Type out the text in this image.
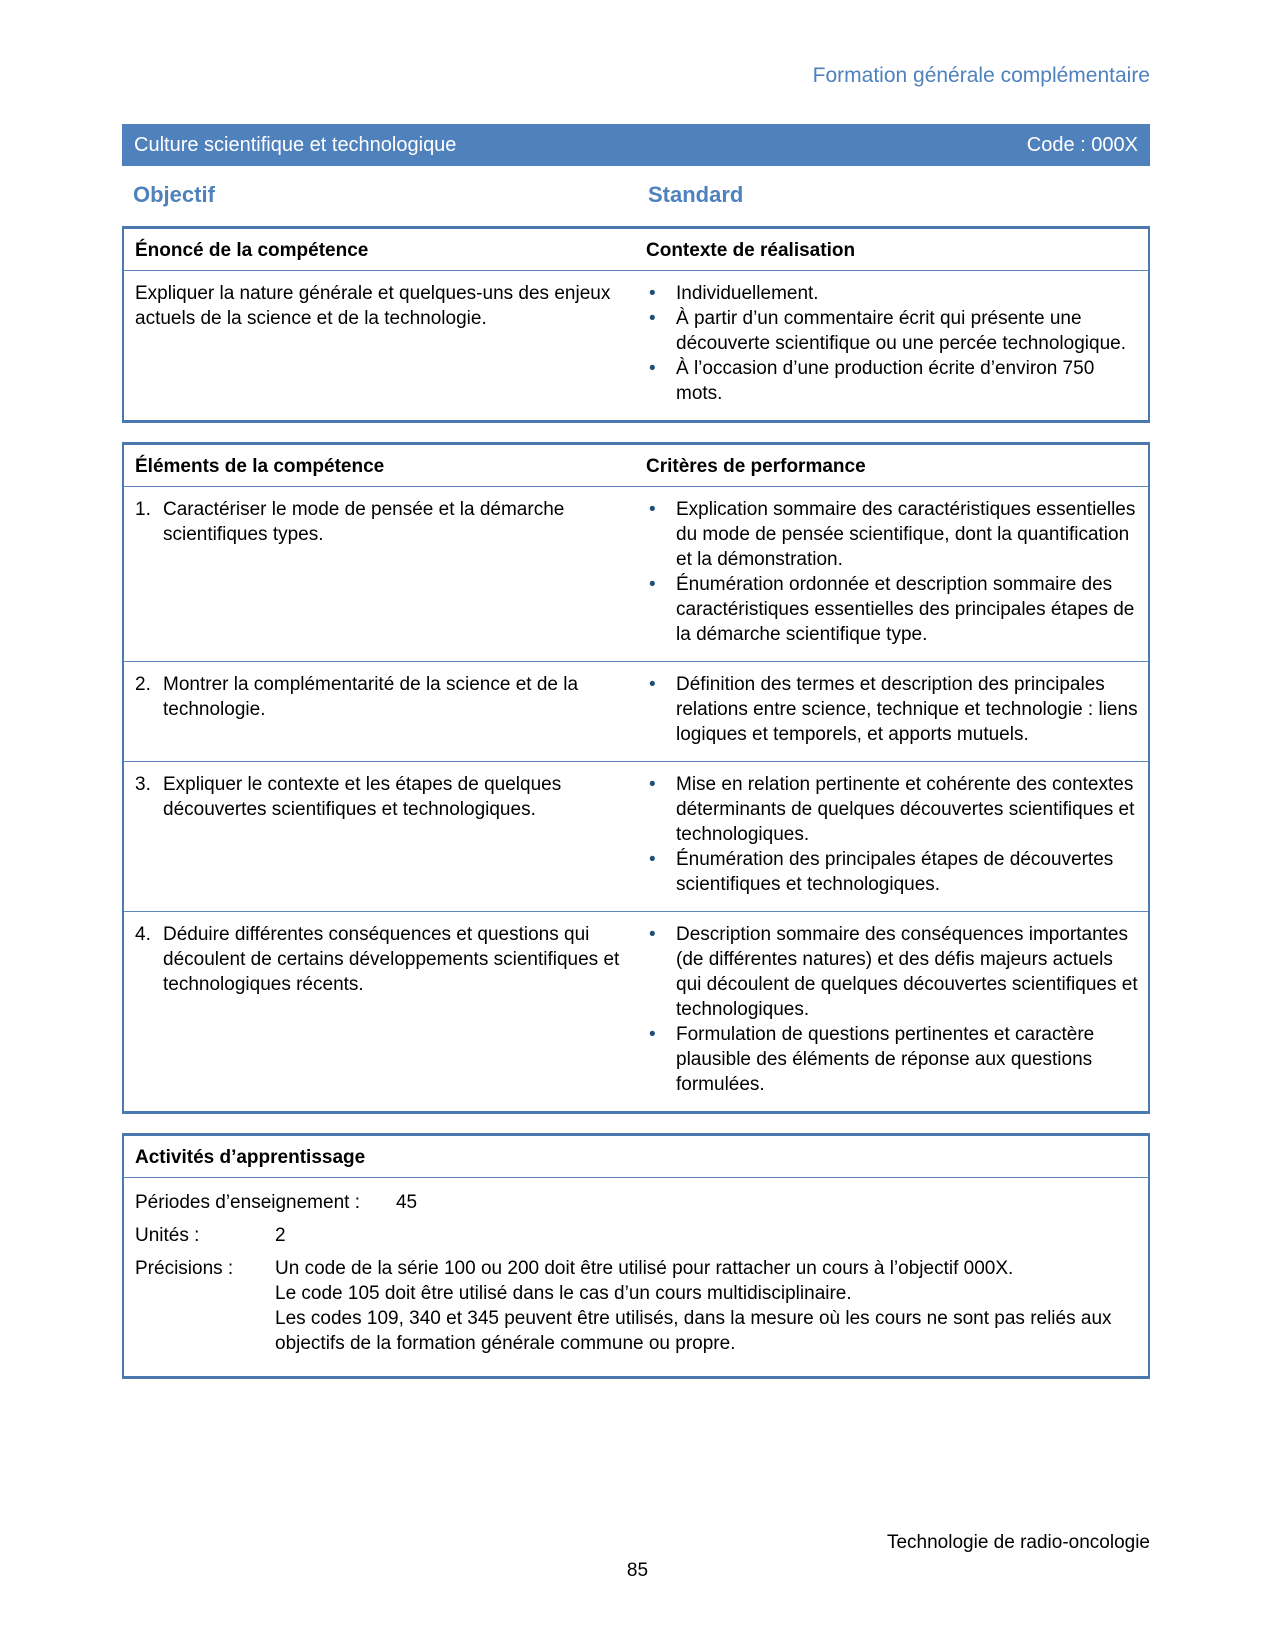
Formation générale complémentaire
Culture scientifique et technologique	Code : 000X
Objectif	Standard
Énoncé de la compétence	Contexte de réalisation
Expliquer la nature générale et quelques-uns des enjeux actuels de la science et de la technologie.
•	Individuellement.
•	À partir d’un commentaire écrit qui présente une découverte scientifique ou une percée technologique.
•	À l’occasion d’une production écrite d’environ 750 mots.
Éléments de la compétence	Critères de performance
1. Caractériser le mode de pensée et la démarche scientifiques types.
•	Explication sommaire des caractéristiques essentielles du mode de pensée scientifique, dont la quantification et la démonstration.
•	Énumération ordonnée et description sommaire des caractéristiques essentielles des principales étapes de la démarche scientifique type.
2. Montrer la complémentarité de la science et de la technologie.
•	Définition des termes et description des principales relations entre science, technique et technologie : liens logiques et temporels, et apports mutuels.
3. Expliquer le contexte et les étapes de quelques découvertes scientifiques et technologiques.
•	Mise en relation pertinente et cohérente des contextes déterminants de quelques découvertes scientifiques et technologiques.
•	Énumération des principales étapes de découvertes scientifiques et technologiques.
4. Déduire différentes conséquences et questions qui découlent de certains développements scientifiques et technologiques récents.
•	Description sommaire des conséquences importantes (de différentes natures) et des défis majeurs actuels qui découlent de quelques découvertes scientifiques et technologiques.
•	Formulation de questions pertinentes et caractère plausible des éléments de réponse aux questions formulées.
Activités d’apprentissage
Périodes d’enseignement :	45
Unités :	2
Précisions :	Un code de la série 100 ou 200 doit être utilisé pour rattacher un cours à l’objectif 000X.
Le code 105 doit être utilisé dans le cas d’un cours multidisciplinaire.
Les codes 109, 340 et 345 peuvent être utilisés, dans la mesure où les cours ne sont pas reliés aux objectifs de la formation générale commune ou propre.
Technologie de radio-oncologie
85
